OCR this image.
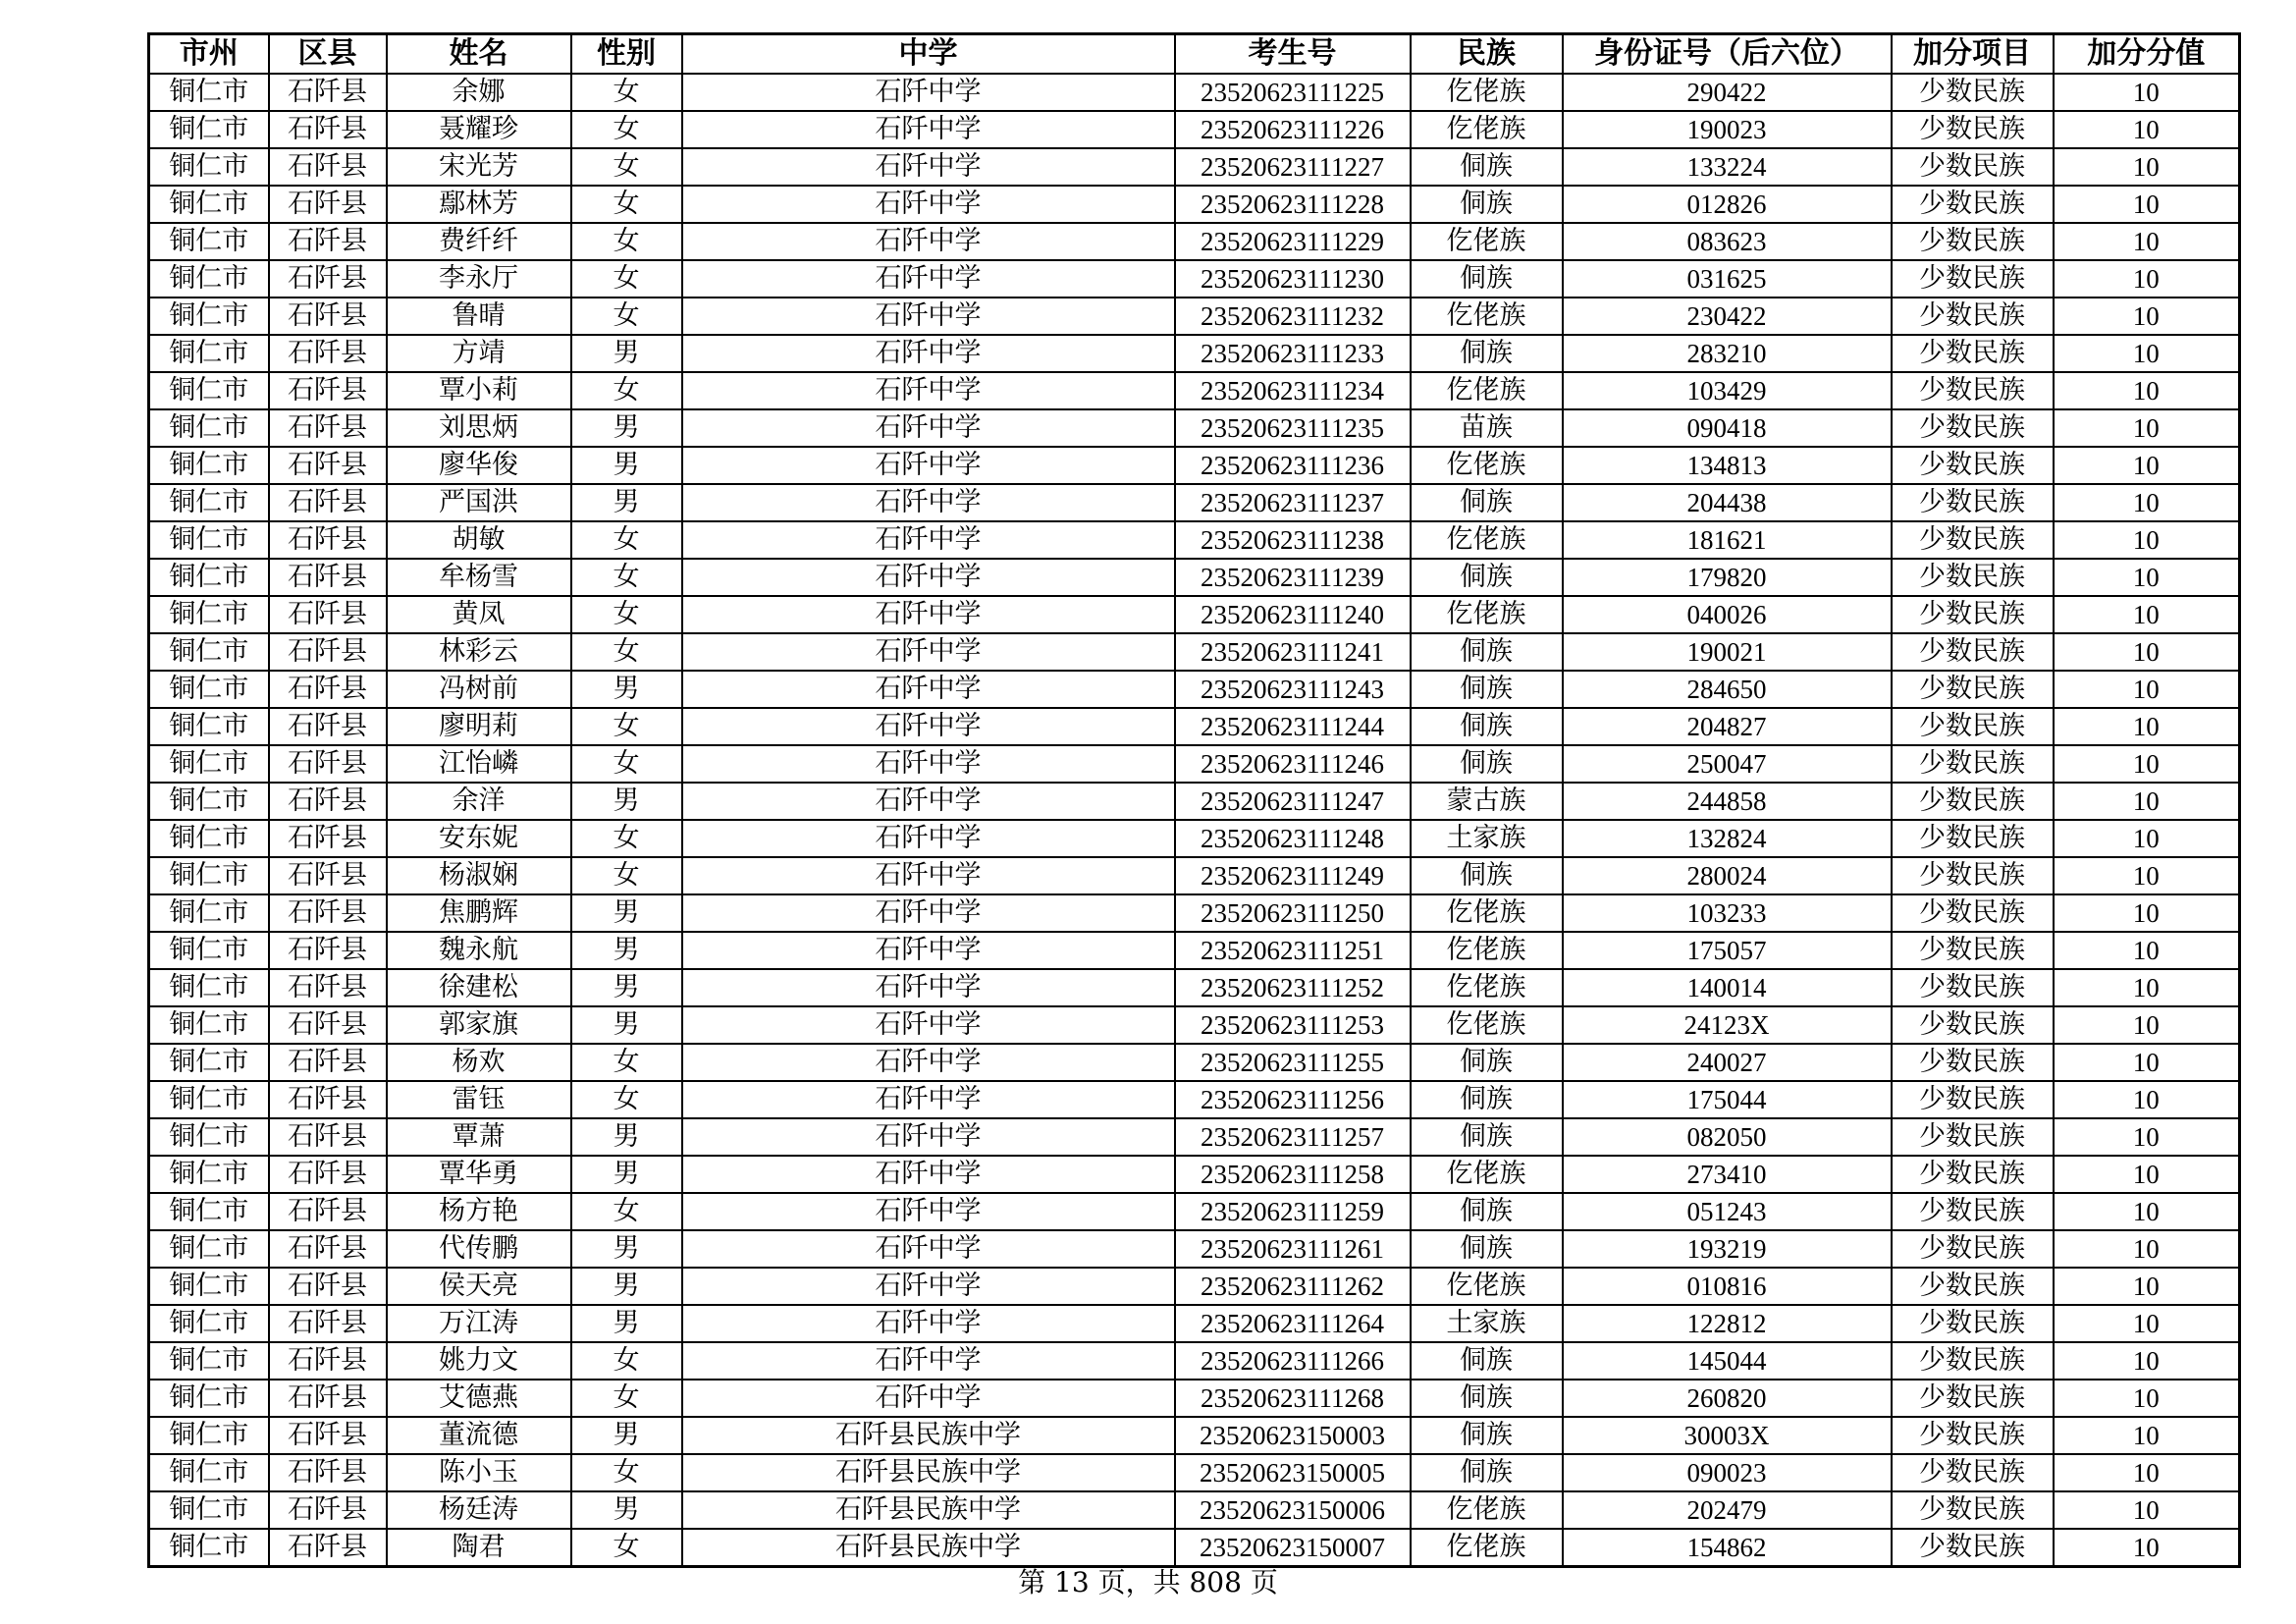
市州	区县	姓名	性别	中学	考生号	民族	身份证号（后六位）	加分项目	加分分值
铜仁市	石阡县	余娜	女	石阡中学	23520623111225	仡佬族	290422	少数民族	10
铜仁市	石阡县	聂耀珍	女	石阡中学	23520623111226	仡佬族	190023	少数民族	10
铜仁市	石阡县	宋光芳	女	石阡中学	23520623111227	侗族	133224	少数民族	10
铜仁市	石阡县	鄢林芳	女	石阡中学	23520623111228	侗族	012826	少数民族	10
铜仁市	石阡县	费纤纤	女	石阡中学	23520623111229	仡佬族	083623	少数民族	10
铜仁市	石阡县	李永厅	女	石阡中学	23520623111230	侗族	031625	少数民族	10
铜仁市	石阡县	鲁晴	女	石阡中学	23520623111232	仡佬族	230422	少数民族	10
铜仁市	石阡县	方靖	男	石阡中学	23520623111233	侗族	283210	少数民族	10
铜仁市	石阡县	覃小莉	女	石阡中学	23520623111234	仡佬族	103429	少数民族	10
铜仁市	石阡县	刘思炳	男	石阡中学	23520623111235	苗族	090418	少数民族	10
铜仁市	石阡县	廖华俊	男	石阡中学	23520623111236	仡佬族	134813	少数民族	10
铜仁市	石阡县	严国洪	男	石阡中学	23520623111237	侗族	204438	少数民族	10
铜仁市	石阡县	胡敏	女	石阡中学	23520623111238	仡佬族	181621	少数民族	10
铜仁市	石阡县	牟杨雪	女	石阡中学	23520623111239	侗族	179820	少数民族	10
铜仁市	石阡县	黄凤	女	石阡中学	23520623111240	仡佬族	040026	少数民族	10
铜仁市	石阡县	林彩云	女	石阡中学	23520623111241	侗族	190021	少数民族	10
铜仁市	石阡县	冯树前	男	石阡中学	23520623111243	侗族	284650	少数民族	10
铜仁市	石阡县	廖明莉	女	石阡中学	23520623111244	侗族	204827	少数民族	10
铜仁市	石阡县	江怡嶙	女	石阡中学	23520623111246	侗族	250047	少数民族	10
铜仁市	石阡县	余洋	男	石阡中学	23520623111247	蒙古族	244858	少数民族	10
铜仁市	石阡县	安东妮	女	石阡中学	23520623111248	土家族	132824	少数民族	10
铜仁市	石阡县	杨淑娴	女	石阡中学	23520623111249	侗族	280024	少数民族	10
铜仁市	石阡县	焦鹏辉	男	石阡中学	23520623111250	仡佬族	103233	少数民族	10
铜仁市	石阡县	魏永航	男	石阡中学	23520623111251	仡佬族	175057	少数民族	10
铜仁市	石阡县	徐建松	男	石阡中学	23520623111252	仡佬族	140014	少数民族	10
铜仁市	石阡县	郭家旗	男	石阡中学	23520623111253	仡佬族	24123X	少数民族	10
铜仁市	石阡县	杨欢	女	石阡中学	23520623111255	侗族	240027	少数民族	10
铜仁市	石阡县	雷钰	女	石阡中学	23520623111256	侗族	175044	少数民族	10
铜仁市	石阡县	覃萧	男	石阡中学	23520623111257	侗族	082050	少数民族	10
铜仁市	石阡县	覃华勇	男	石阡中学	23520623111258	仡佬族	273410	少数民族	10
铜仁市	石阡县	杨方艳	女	石阡中学	23520623111259	侗族	051243	少数民族	10
铜仁市	石阡县	代传鹏	男	石阡中学	23520623111261	侗族	193219	少数民族	10
铜仁市	石阡县	侯天亮	男	石阡中学	23520623111262	仡佬族	010816	少数民族	10
铜仁市	石阡县	万江涛	男	石阡中学	23520623111264	土家族	122812	少数民族	10
铜仁市	石阡县	姚力文	女	石阡中学	23520623111266	侗族	145044	少数民族	10
铜仁市	石阡县	艾德燕	女	石阡中学	23520623111268	侗族	260820	少数民族	10
铜仁市	石阡县	董流德	男	石阡县民族中学	23520623150003	侗族	30003X	少数民族	10
铜仁市	石阡县	陈小玉	女	石阡县民族中学	23520623150005	侗族	090023	少数民族	10
铜仁市	石阡县	杨廷涛	男	石阡县民族中学	23520623150006	仡佬族	202479	少数民族	10
铜仁市	石阡县	陶君	女	石阡县民族中学	23520623150007	仡佬族	154862	少数民族	10
第 13 页，共 808 页
